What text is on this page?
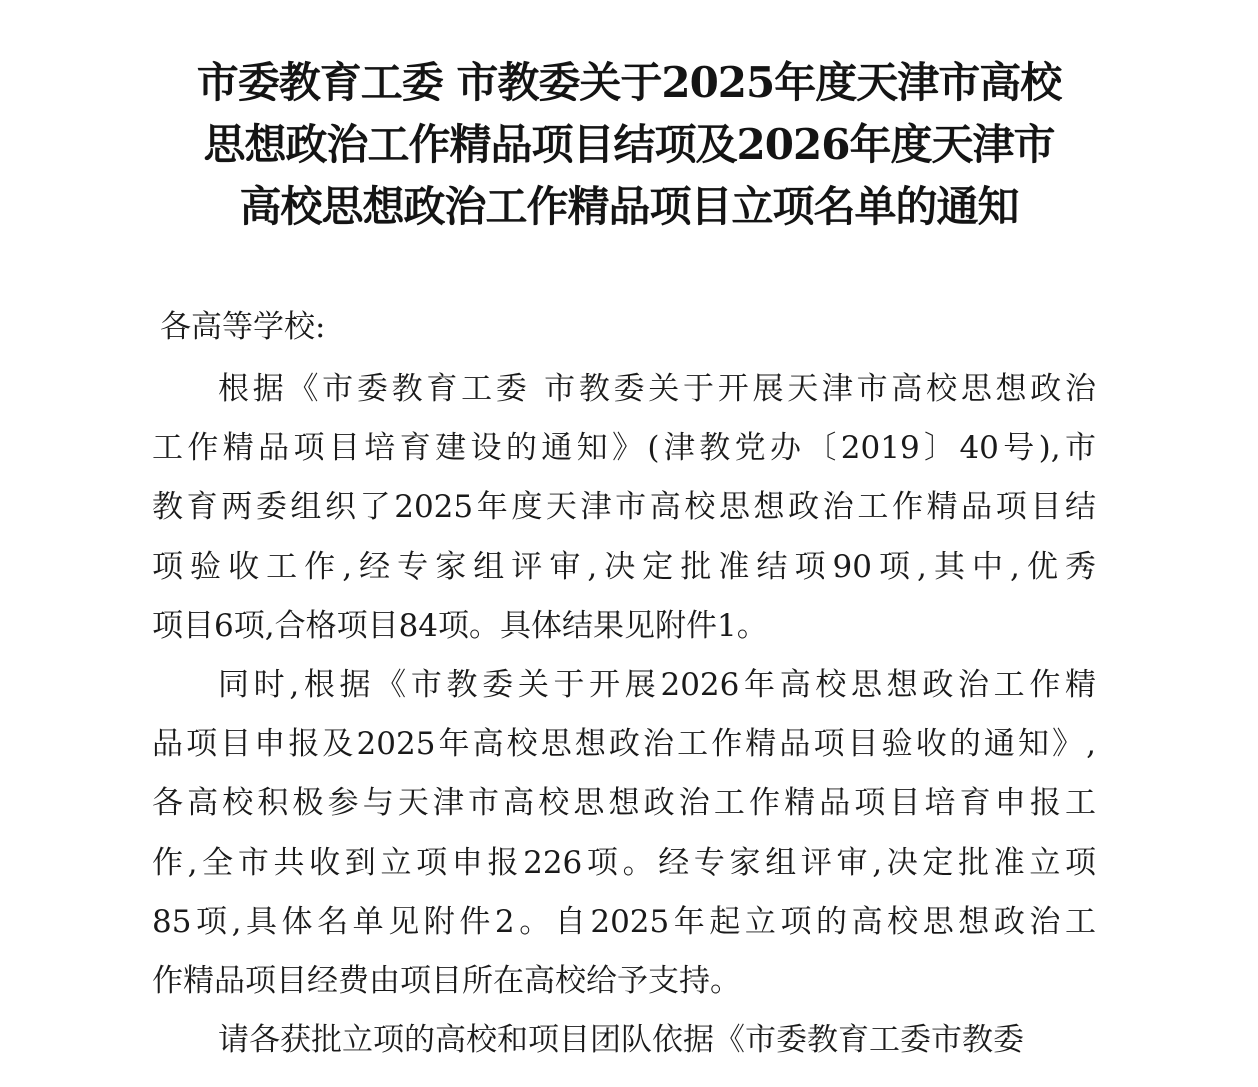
市委教育工委 市教委关于2025年度天津市高校
思想政治工作精品项目结项及2026年度天津市
高校思想政治工作精品项目立项名单的通知
各高等学校:
根据《市委教育工委 市教委关于开展天津市高校思想政治
工作精品项目培育建设的通知》(津教党办〔2019〕40号),市
教育两委组织了2025年度天津市高校思想政治工作精品项目结
项验收工作,经专家组评审,决定批准结项90项,其中,优秀
项目6项,合格项目84项。具体结果见附件1。
同时,根据《市教委关于开展2026年高校思想政治工作精
品项目申报及2025年高校思想政治工作精品项目验收的通知》,
各高校积极参与天津市高校思想政治工作精品项目培育申报工
作,全市共收到立项申报226项。经专家组评审,决定批准立项
85项,具体名单见附件2。自2025年起立项的高校思想政治工
作精品项目经费由项目所在高校给予支持。
请各获批立项的高校和项目团队依据《市委教育工委市教委
